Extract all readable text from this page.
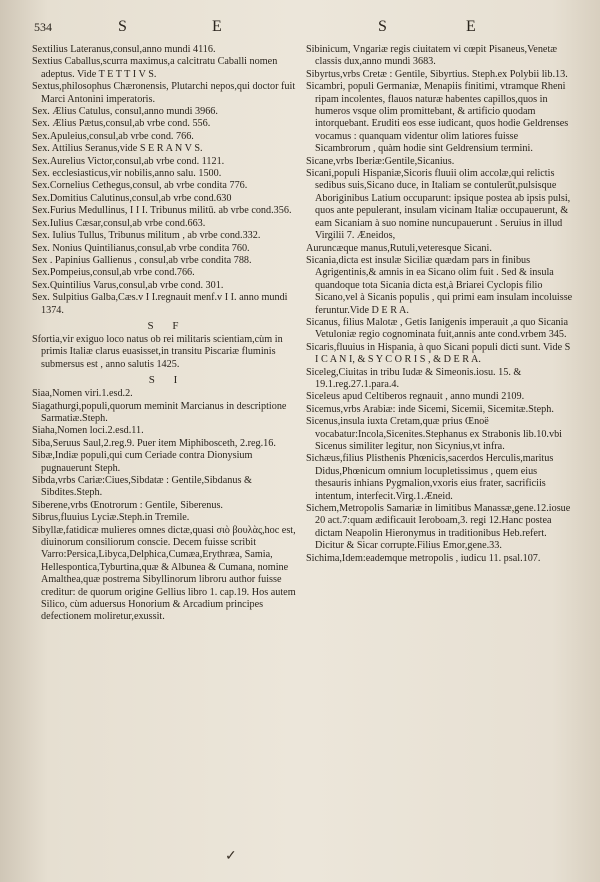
534	S	E	S	E

Sextilius Lateranus,consul,anno mundi 4116.

Sextius Caballus,scurra maximus,a calcitratu Caballi nomen adeptus. Vide T E T T I V S.

Sextus,philosophus Chæronensis, Plutarchi nepos,qui doctor fuit Marci Antonini imperatoris.

Sex. Ælius Catulus, consul,anno mundi 3966.

Sex. Ælius Pætus,consul,ab vrbe cond. 556.

Sex.Apuleius,consul,ab vrbe cond. 766.

Sex. Attilius Seranus,vide S E R A N V S.

Sex.Aurelius Victor,consul,ab vrbe cond. 1121.

Sex. ecclesiasticus,vir nobilis,anno salu. 1500.

Sex.Cornelius Cethegus,consul, ab vrbe condita 776.

Sex.Domitius Calutinus,consul,ab vrbe cond.630

Sex.Furius Medullinus, I I I. Tribunus militū. ab vrbe cond.356.

Sex.Iulius Cæsar,consul,ab vrbe cond.663.

Sex. Iulius Tullus, Tribunus militum , ab vrbe cond.332.

Sex. Nonius Quintilianus,consul,ab vrbe condita 760.

Sex . Papinius Gallienus , consul,ab vrbe condita 788.

Sex.Pompeius,consul,ab vrbe cond.766.

Sex.Quintilius Varus,consul,ab vrbe cond. 301.

Sex. Sulpitius Galba,Cæs.v I I.regnauit menf.v I I. anno mundi 1374.

S F

Sfortia,vir exiguo loco natus ob rei militaris scientiam,cùm in primis Italiæ clarus euasisset,in transitu Piscariæ fluminis submersus est , anno salutis 1425.

S I

Siaa,Nomen viri.1.esd.2.

Siagathurgi,populi,quorum meminit Marcianus in descriptione Sarmatiæ.Steph.

Siaha,Nomen loci.2.esd.11.

Siba,Seruus Saul,2.reg.9. Puer item Miphibosceth, 2.reg.16.

Sibæ,Indiæ populi,qui cum Ceriade contra Dionysium pugnauerunt Steph.

Sibda,vrbs Cariæ:Ciues,Sibdatæ : Gentile,Sibdanus & Sibdites.Steph.

Siberene,vrbs Œnotrorum : Gentile, Siberenus.

Sibrus,fluuius Lyciæ.Steph.in Tremile.

Sibyllæ,fatidicæ mulieres omnes dictæ,quasi σιὸ βουλὰς,hoc est, diuinorum consiliorum conscie. Decem fuisse scribit Varro:Persica,Libyca,Delphica,Cumæa,Erythræa, Samia, Hellespontica,Tyburtina,quæ & Albunea & Cumana, nomine Amalthea,quæ postrema Sibyllinorum libroru author fuisse creditur: de quorum origine Gellius libro 1. cap.19. Hos autem Silico, cùm aduersus Honorium & Arcadium principes defectionem moliretur,exussit.

Sibinicum, Vngariæ regis ciuitatem vi cœpit Pisaneus,Venetæ classis dux,anno mundi 3683.

Sibyrtus,vrbs Cretæ : Gentile, Sibyrtius. Steph.ex Polybii lib.13.

Sicambri, populi Germaniæ, Menapiis finitimi, vtramque Rheni ripam incolentes, flauos naturæ habentes capillos,quos in humeros vsque olim promittebant, & artificio quodam intorquebant. Eruditi eos esse iudicant, quos hodie Geldrenses vocamus : quanquam videntur olim latiores fuisse Sicambrorum , quàm hodie sint Geldrensium termini.

Sicane,vrbs Iberiæ:Gentile,Sicanius.

Sicani,populi Hispaniæ,Sicoris fluuii olim accolæ,qui relictis sedibus suis,Sicano duce, in Italiam se contulerūt,pulsisque Aboriginibus Latium occuparunt: ipsique postea ab ipsis pulsi, quos ante pepulerant, insulam vicinam Italiæ occupauerunt, & eam Sicaniam à suo nomine nuncupauerunt . Seruius in illud Virgilii 7. Æneidos,

Auruncæque manus,Rutuli,veteresque Sicani.

Sicania,dicta est insulæ Siciliæ quædam pars in finibus Agrigentinis,& amnis in ea Sicano olim fuit . Sed & insula quandoque tota Sicania dicta est,à Briarei Cyclopis filio Sicano,vel à Sicanis populis , qui primi eam insulam incoluisse feruntur.Vide D E R A.

Sicanus, filius Malotæ , Getis Ianigenis imperauit ,a quo Sicania Vetuloniæ regio cognominata fuit,annis ante cond.vrbem 345.

Sicaris,fluuius in Hispania, à quo Sicani populi dicti sunt. Vide S I C A N I, & S Y C O R I S , & D E R A.

Siceleg,Ciuitas in tribu Iudæ & Simeonis.iosu. 15. & 19.1.reg.27.1.para.4.

Siceleus apud Celtiberos regnauit , anno mundi 2109.

Sicemus,vrbs Arabiæ: inde Sicemi, Sicemii, Sicemitæ.Steph.

Sicenus,insula iuxta Cretam,quæ prius Œnoë vocabatur:Incola,Sicenites.Stephanus ex Strabonis lib.10.vbi Sicenus similiter legitur, non Sicynius,vt infra.

Sichæus,filius Plisthenis Phœnicis,sacerdos Herculis,maritus Didus,Phœnicum omnium locupletissimus , quem eius thesauris inhians Pygmalion,vxoris eius frater, sacrificiis intentum, interfecit.Virg.1.Æneid.

Sichem,Metropolis Samariæ in limitibus Manassæ,gene.12.iosue 20 act.7:quam ædificauit Ieroboam,3. regi 12.Hanc postea dictam Neapolin Hieronymus in traditionibus Heb.refert. Dicitur & Sicar corrupte.Filius Emor,gene.33.

Sichima,Idem:eademque metropolis , iudicu 11. psal.107.

✓
